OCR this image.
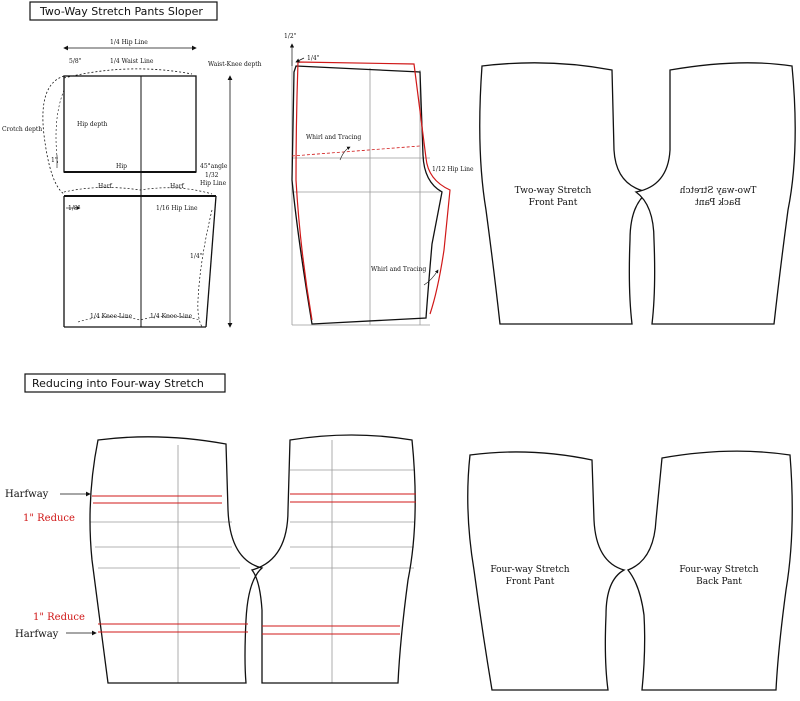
Two-Way Stretch Pants Sloper
1/4 Hip Line
1/4 Waist Line
5/8"	Waist-Knee depth
Hip depth
Crotch depth
1"
Hip	45°angle
1/32
Hip Line
Harf	Harf
1/8"	1/16 Hip Line
1/4"
1/4 Knee Line	1/4 Knee Line
1/2"
1/4"
Whirl and Tracing
1/12 Hip Line
Whirl and Tracing
Two-way Stretch
Front Pant
Two-way Stretch
Back Pant
Reducing into Four-way Stretch
Harfway
1" Reduce
1" Reduce
Harfway
Four-way Stretch
Front Pant
Four-way Stretch
Back Pant
